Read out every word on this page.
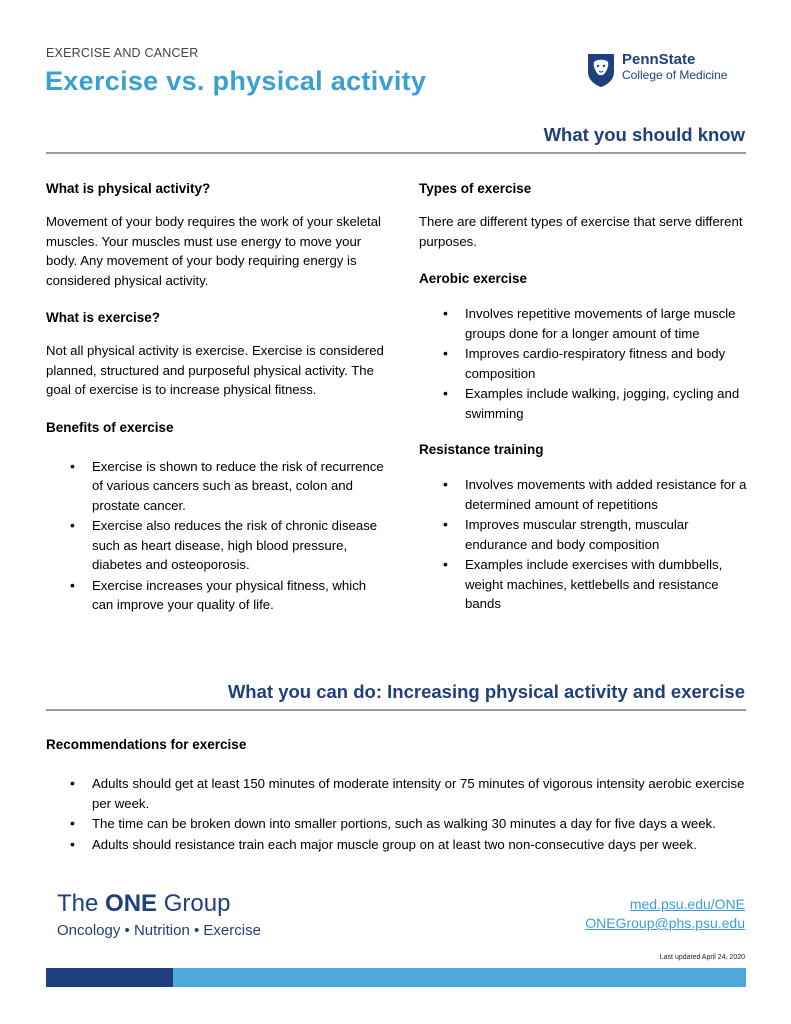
EXERCISE AND CANCER
Exercise vs. physical activity
PennState
College of Medicine
What you should know
What is physical activity?

Movement of your body requires the work of your skeletal muscles. Your muscles must use energy to move your body. Any movement of your body requiring energy is considered physical activity.

What is exercise?

Not all physical activity is exercise. Exercise is considered planned, structured and purposeful physical activity. The goal of exercise is to increase physical fitness.

Benefits of exercise
• Exercise is shown to reduce the risk of recurrence of various cancers such as breast, colon and prostate cancer.
• Exercise also reduces the risk of chronic disease such as heart disease, high blood pressure, diabetes and osteoporosis.
• Exercise increases your physical fitness, which can improve your quality of life.
Types of exercise

There are different types of exercise that serve different purposes.

Aerobic exercise
• Involves repetitive movements of large muscle groups done for a longer amount of time
• Improves cardio-respiratory fitness and body composition
• Examples include walking, jogging, cycling and swimming
Resistance training
• Involves movements with added resistance for a determined amount of repetitions
• Improves muscular strength, muscular endurance and body composition
• Examples include exercises with dumbbells, weight machines, kettlebells and resistance bands
What you can do: Increasing physical activity and exercise
Recommendations for exercise
• Adults should get at least 150 minutes of moderate intensity or 75 minutes of vigorous intensity aerobic exercise per week.
• The time can be broken down into smaller portions, such as walking 30 minutes a day for five days a week.
• Adults should resistance train each major muscle group on at least two non-consecutive days per week.
The ONE Group
Oncology • Nutrition • Exercise
med.psu.edu/ONE
ONEGroup@phs.psu.edu
Last updated April 24, 2020
